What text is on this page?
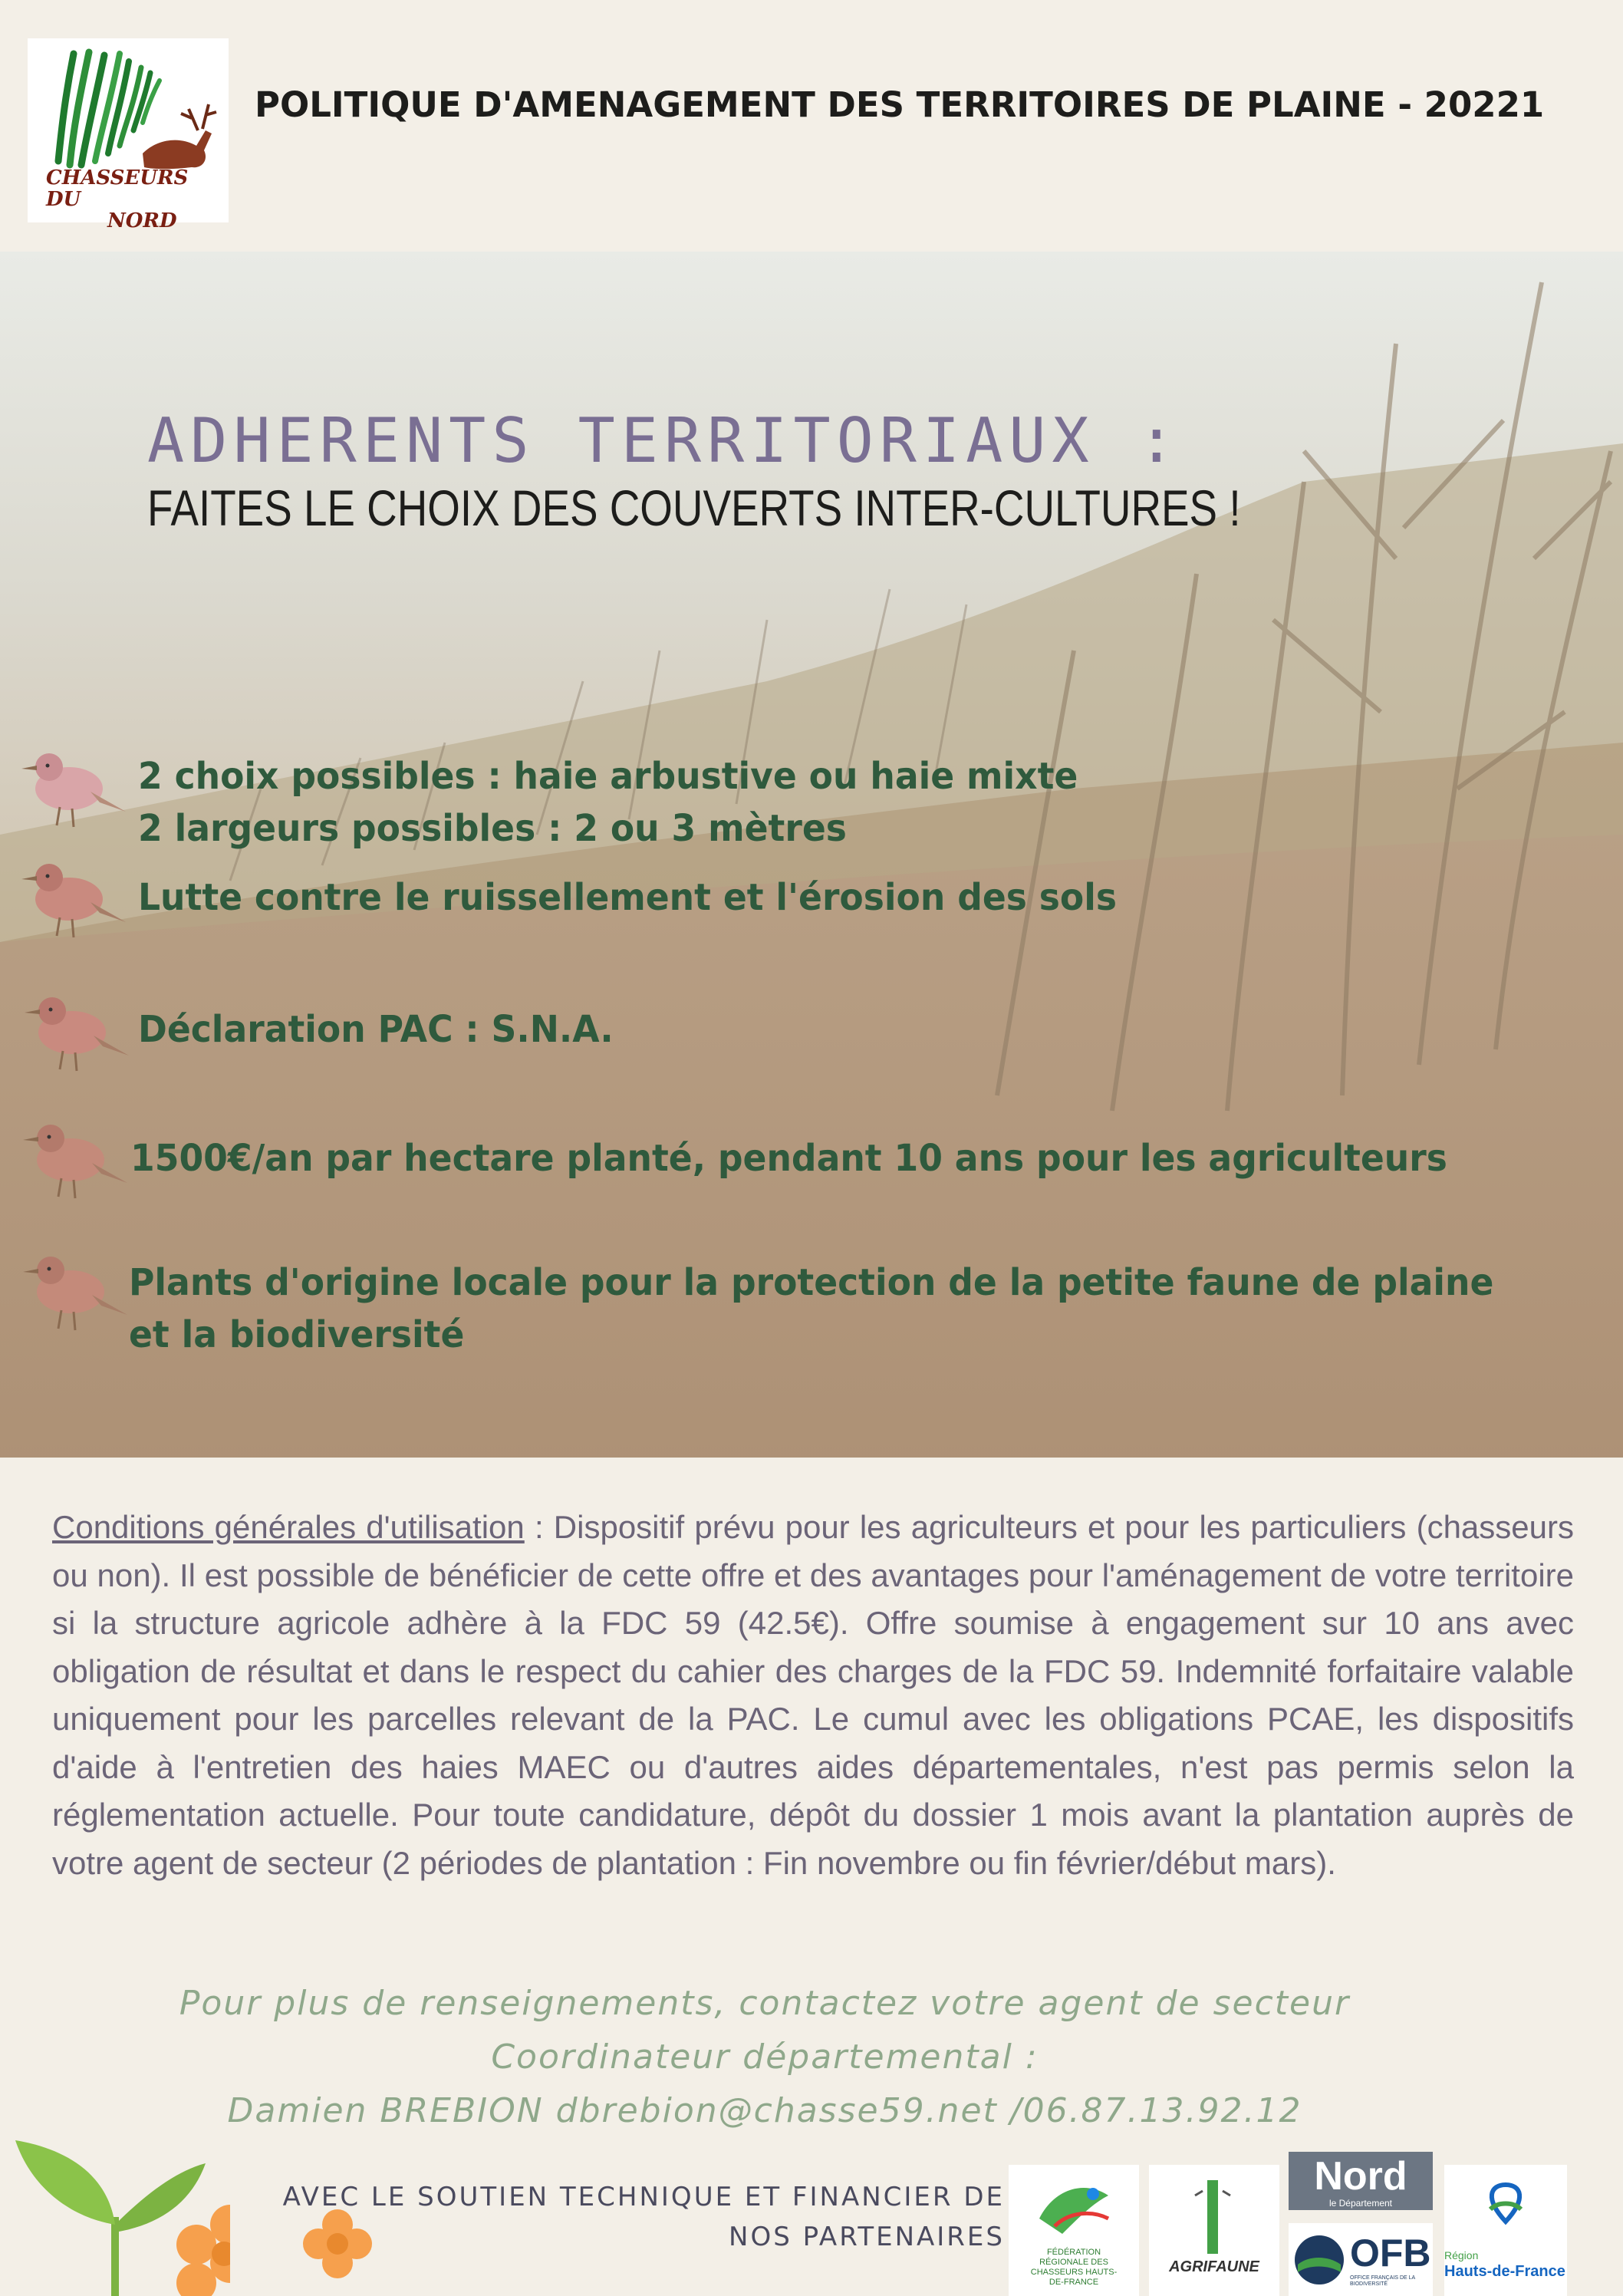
CHASSEURS DU
NORD
POLITIQUE D'AMENAGEMENT DES TERRITOIRES DE PLAINE - 20221
ADHERENTS TERRITORIAUX :
FAITES LE CHOIX DES COUVERTS INTER-CULTURES !
2 choix possibles : haie arbustive ou haie mixte
2 largeurs possibles : 2 ou 3 mètres
Lutte contre le ruissellement et l'érosion des sols
Déclaration PAC : S.N.A.
1500€/an par hectare planté, pendant 10 ans pour les agriculteurs
Plants d'origine locale pour la protection de la petite faune de plaine
et la biodiversité

Conditions générales d'utilisation : Dispositif prévu pour les agriculteurs et pour les particuliers (chasseurs ou non). Il est possible de bénéficier de cette offre et des avantages pour l'aménagement de votre territoire si la structure agricole adhère à la FDC 59 (42.5€). Offre soumise à engagement sur 10 ans avec obligation de résultat et dans le respect du cahier des charges de la FDC 59. Indemnité forfaitaire valable uniquement pour les parcelles relevant de la PAC. Le cumul avec les obligations PCAE, les dispositifs d'aide à l'entretien des haies MAEC ou d'autres aides départementales, n'est pas permis selon la réglementation actuelle. Pour toute candidature, dépôt du dossier 1 mois avant la plantation auprès de votre agent de secteur (2 périodes de plantation : Fin novembre ou fin février/début mars).

Pour plus de renseignements, contactez votre agent de secteur
Coordinateur départemental :
Damien BREBION dbrebion@chasse59.net /06.87.13.92.12
AVEC LE SOUTIEN TECHNIQUE ET FINANCIER DE
NOS PARTENAIRES	FÉDÉRATION RÉGIONALE DES CHASSEURS HAUTS-DE-FRANCE
AGRIFAUNE
Nord
le Département
OFB
OFFICE FRANÇAIS DE LA BIODIVERSITÉ
Région
Hauts-de-France
